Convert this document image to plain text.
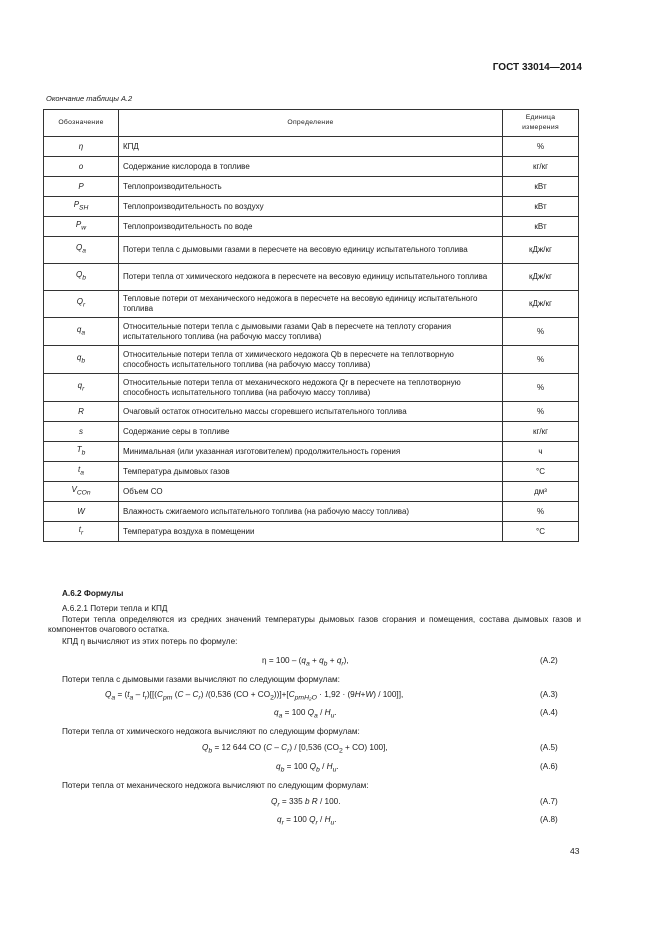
ГОСТ 33014—2014
Окончание таблицы А.2
Обозначение	Определение	Единица измерения
η	КПД	%
o	Содержание кислорода в топливе	кг/кг
P	Теплопроизводительность	кВт
$P_{SH}$	Теплопроизводительность по воздуху	кВт
$P_w$	Теплопроизводительность по воде	кВт
$Q_a$	Потери тепла с дымовыми газами в пересчете на весовую единицу испытательного топлива	кДж/кг
$Q_b$	Потери тепла от химического недожога в пересчете на весовую единицу испытательного топлива	кДж/кг
$Q_r$	Тепловые потери от механического недожога в пересчете на весовую единицу испытательного топлива	кДж/кг
$q_a$	Относительные потери тепла с дымовыми газами Qab в пересчете на теплоту сгорания испытательного топлива (на рабочую массу топлива)	%
$q_b$	Относительные потери тепла от химического недожога Qb в пересчете на теплотворную способность испытательного топлива (на рабочую массу топлива)	%
$q_r$	Относительные потери тепла от механического недожога Qr в пересчете на теплотворную способность испытательного топлива (на рабочую массу топлива)	%
R	Очаговый остаток относительно массы сгоревшего испытательного топлива	%
s	Содержание серы в топливе	кг/кг
$T_b$	Минимальная (или указанная изготовителем) продолжительность горения	ч
$t_a$	Температура дымовых газов	°C
$V_{COn}$	Объем СО	дм³
W	Влажность сжигаемого испытательного топлива (на рабочую массу топлива)	%
$t_r$	Температура воздуха в помещении	°C
А.6.2 Формулы
А.6.2.1 Потери тепла и КПД
Потери тепла определяются из средних значений температуры дымовых газов сгорания и помещения, состава дымовых газов и компонентов очагового остатка.
КПД η вычисляют из этих потерь по формуле:
$\eta = 100 - (q_a + q_b + q_r)$,	(А.2)
Потери тепла с дымовыми газами вычисляют по следующим формулам:
$Q_a = (t_a - t_r)[[(C_{pm}$ $(C - C_r)$ /(0,536 $(CO + CO_2))]+[C_{pmH_2O} \cdot 1,92 \cdot (9H+W) / 100]$],	(А.3)
$q_a = 100$ $Q_a / H_u$.	(А.4)
Потери тепла от химического недожога вычисляют по следующим формулам:
$Q_b = 12$ 644 CO $(C - C_r) / [0,536$ $(CO_2 + CO)$ 100],	(А.5)
$q_b = 100$ $Q_b / H_u$.	(А.6)
Потери тепла от механического недожога вычисляют по следующим формулам:
$Q_r = 335$ b R / 100.	(А.7)
$q_r = 100$ $Q_r / H_u$.	(А.8)
43
